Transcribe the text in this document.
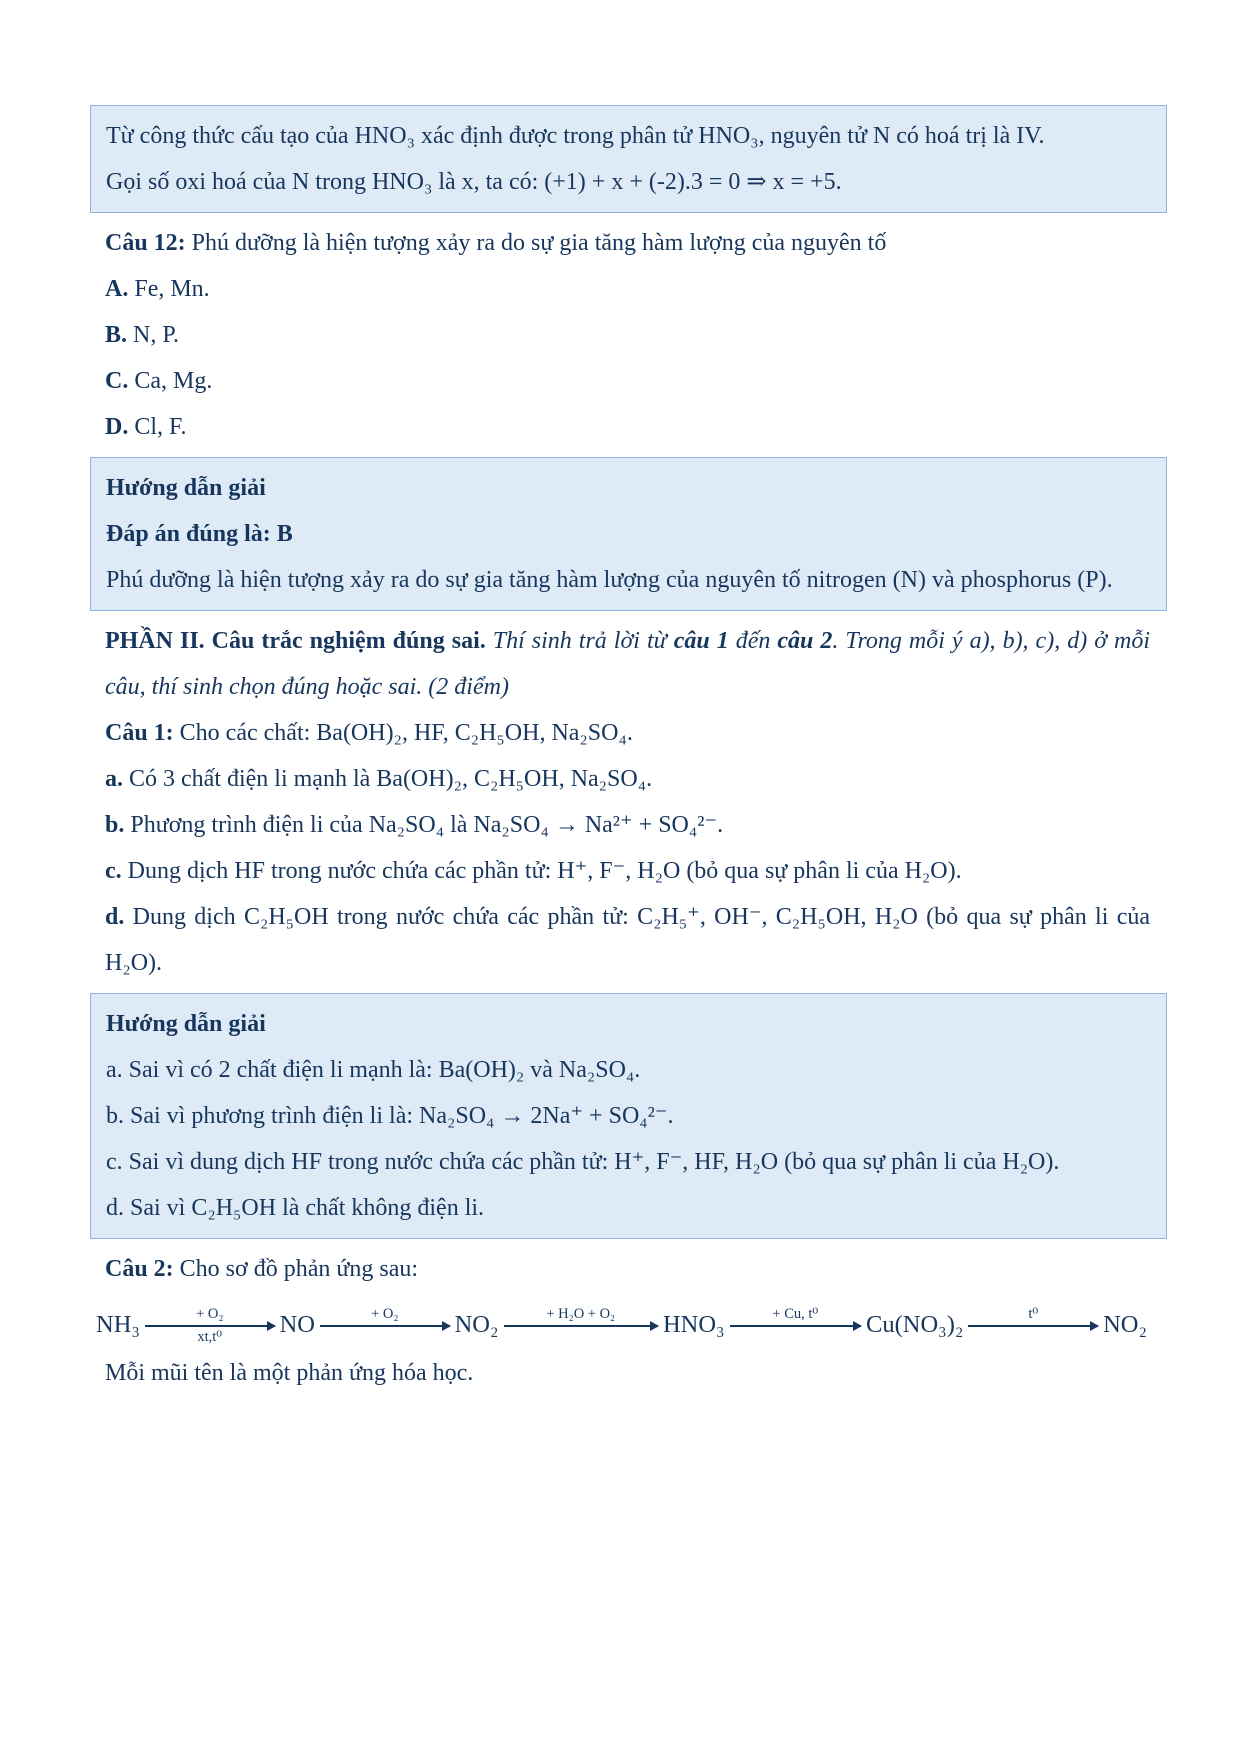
Từ công thức cấu tạo của HNO₃ xác định được trong phân tử HNO₃, nguyên tử N có hoá trị là IV.

Gọi số oxi hoá của N trong HNO₃ là x, ta có: (+1) + x + (-2).3 = 0 ⇒ x = +5.

Câu 12: Phú dưỡng là hiện tượng xảy ra do sự gia tăng hàm lượng của nguyên tố

A. Fe, Mn.

B. N, P.

C. Ca, Mg.

D. Cl, F.

Hướng dẫn giải

Đáp án đúng là: B

Phú dưỡng là hiện tượng xảy ra do sự gia tăng hàm lượng của nguyên tố nitrogen (N) và phosphorus (P).

PHẦN II. Câu trắc nghiệm đúng sai. Thí sinh trả lời từ câu 1 đến câu 2. Trong mỗi ý a), b), c), d) ở mỗi câu, thí sinh chọn đúng hoặc sai. (2 điểm)

Câu 1: Cho các chất: Ba(OH)₂, HF, C₂H₅OH, Na₂SO₄.

a. Có 3 chất điện li mạnh là Ba(OH)₂, C₂H₅OH, Na₂SO₄.

b. Phương trình điện li của Na₂SO₄ là Na₂SO₄ → Na²⁺ + SO₄²⁻.

c. Dung dịch HF trong nước chứa các phần tử: H⁺, F⁻, H₂O (bỏ qua sự phân li của H₂O).

d. Dung dịch C₂H₅OH trong nước chứa các phần tử: C₂H₅⁺, OH⁻, C₂H₅OH, H₂O (bỏ qua sự phân li của H₂O).

Hướng dẫn giải

a. Sai vì có 2 chất điện li mạnh là: Ba(OH)₂ và Na₂SO₄.

b. Sai vì phương trình điện li là: Na₂SO₄ → 2Na⁺ + SO₄²⁻.

c. Sai vì dung dịch HF trong nước chứa các phần tử: H⁺, F⁻, HF, H₂O (bỏ qua sự phân li của H₂O).

d. Sai vì C₂H₅OH là chất không điện li.

Câu 2: Cho sơ đồ phản ứng sau:

NH₃	+ O₂
xt,t⁰	NO	+ O₂	NO₂	+ H₂O + O₂	HNO₃	+ Cu, t⁰	Cu(NO₃)₂	t⁰	NO₂

Mỗi mũi tên là một phản ứng hóa học.
